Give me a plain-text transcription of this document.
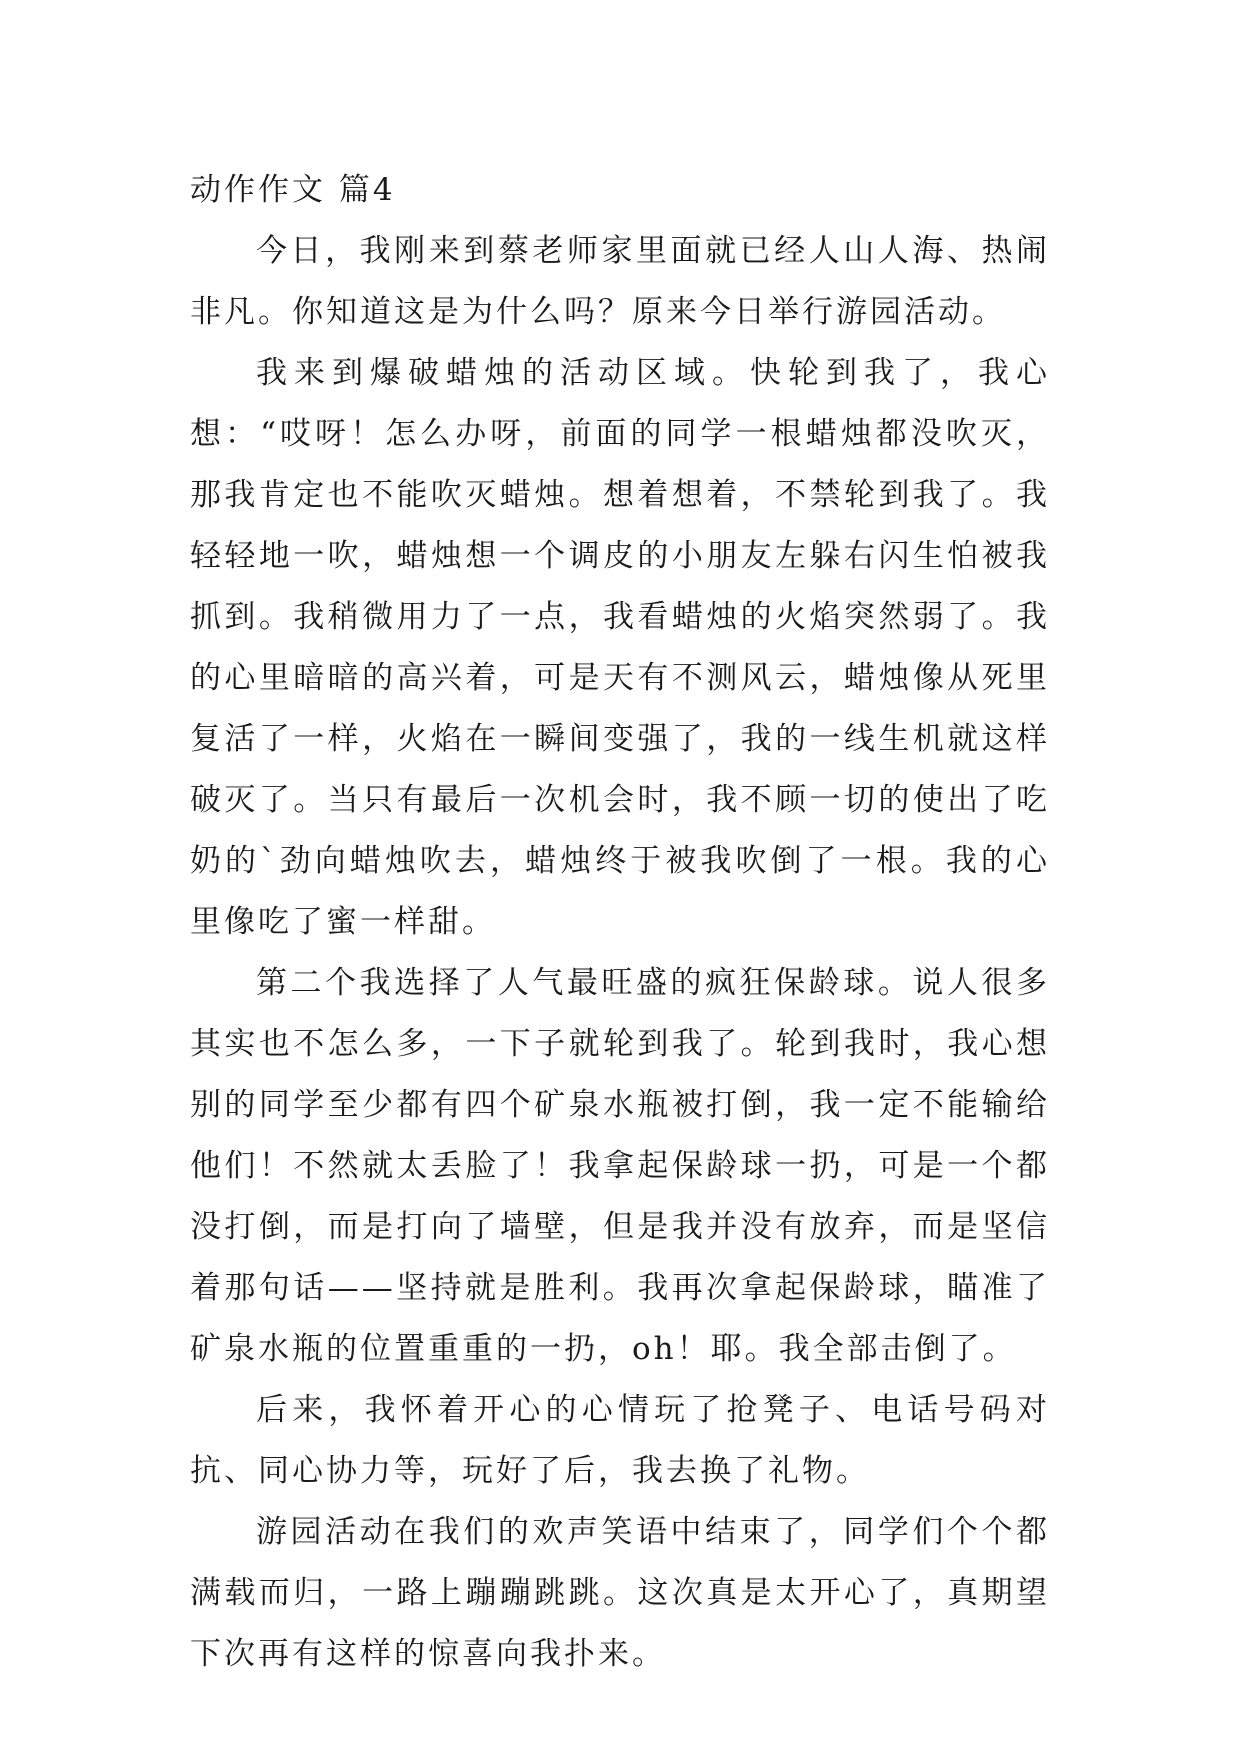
动作作文 篇4

今日，我刚来到蔡老师家里面就已经人山人海、热闹非凡。你知道这是为什么吗？原来今日举行游园活动。

我来到爆破蜡烛的活动区域。快轮到我了，我心想：“哎呀！怎么办呀，前面的同学一根蜡烛都没吹灭，那我肯定也不能吹灭蜡烛。想着想着，不禁轮到我了。我轻轻地一吹，蜡烛想一个调皮的小朋友左躲右闪生怕被我抓到。我稍微用力了一点，我看蜡烛的火焰突然弱了。我的心里暗暗的高兴着，可是天有不测风云，蜡烛像从死里复活了一样，火焰在一瞬间变强了，我的一线生机就这样破灭了。当只有最后一次机会时，我不顾一切的使出了吃奶的`劲向蜡烛吹去，蜡烛终于被我吹倒了一根。我的心里像吃了蜜一样甜。

第二个我选择了人气最旺盛的疯狂保龄球。说人很多其实也不怎么多，一下子就轮到我了。轮到我时，我心想别的同学至少都有四个矿泉水瓶被打倒，我一定不能输给他们！不然就太丢脸了！我拿起保龄球一扔，可是一个都没打倒，而是打向了墙壁，但是我并没有放弃，而是坚信着那句话——坚持就是胜利。我再次拿起保龄球，瞄准了矿泉水瓶的位置重重的一扔，oh！耶。我全部击倒了。

后来，我怀着开心的心情玩了抢凳子、电话号码对抗、同心协力等，玩好了后，我去换了礼物。

游园活动在我们的欢声笑语中结束了，同学们个个都满载而归，一路上蹦蹦跳跳。这次真是太开心了，真期望下次再有这样的惊喜向我扑来。
